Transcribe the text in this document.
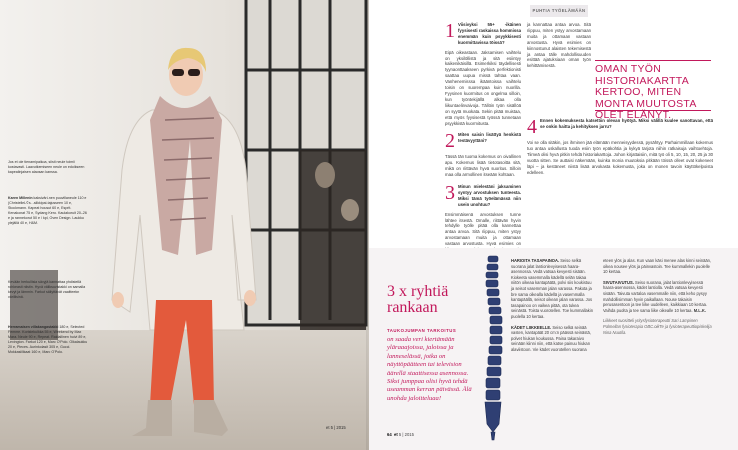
Jos et ole tienamipaikoa, siisti neule toimii kostavasti. Laavutkemiseen neule on edoikseen kapealinjaisen alaosan kanssa.
Karen Millenin kaksiväri-nen puuvillaneule 110 e (ChristelleL©s. ‐silkkipai-tajusseen 10 e, Stockmann. Kapeat housut 60 e, Esprit. Kenakonat 75 e, Sydang Kero. Kaulakoruit 20–26 e ja rannekorut 50 e / kpl, Oven Design. Laukku ylejällä 40 e, H&M.
Kevään herkullisia sävyjä kannattaa yhdistellä rohkeasti niistin. Hyvä väliksuvistakki on samalla kevyt ja lämmin. Farkut säilyttävät vaaltteekn värillisinä.
Herramaisen villakangastakki 180 e, Selected Femme. Koristekulkka 55 e, Weekend by Max Mara. Neule 90 e, Repeat. Raidallinen huivi 89 e, Lexington. Farkut 120 e, Marc O'Polo. Olkalaukku 20 e, Pieces. Aurinkolasit 305 e, Gucci. Mokkasiilikaat 160 e, Marc O'Polo.
et 5 | 2015
PUHTIA TYÖELÄMÄÄN
1 Viisivyksi 55+ -ikäinen fyysisesti raskaissa hommissa enemmän kuin psyykkisesti kuormittavissa töissä?

Eipä oikeastaan. Jaksamisen vaihtelu on yksilöllistä ja sitä esiintyy kaikenikäisillä. Esimerkiksi täydellisesti tyynaonttaakseen pyrkivä perfektionisti saattaa uupua missä tahtaa vaan. Vanhenemisssa ikääntoissa vaihtelu toisin on suorempaa kuin nuorilla. Fyysinen kuormitus on ongelma silloin, kun työntekijällä alkaa olla liikuntaelinvaivoja. Tällöin työn sisällöä on syytä muokata. Sekin pitää muistaa, että myös fyysisestä työssä tunnetaan psyykkistä kuormitusta.

2 Miten saisin lisättyä henkistä testävyyttäni?

Tässä tän tuoma kokemus on oivallinen apu. Kokemus lisää tietotasoitta sitä, mikä on riittävän hyvä suoritus. Silloin maa olla armollinen itseään kohtaan.

3 Minun mielestäni jaksaminen syntyy arvostuksen tunteesta. Miksi tämä työelämässä niin usein unohtuu?

Ensimmäisenä arvostuksen tunne lähtee itsestä. Omalle, riittävän hyvin tehdylle työlle pitää olla kannettaa antaa arvoa. Sitä riippuu, miten ystyy arvostamaan muita ja ottamaan vastaan arvostusta. Hyvä esimies on

ja kannattaa antaa arvoa. Sitä riippuu, miten ystyy arvostamaan muita ja ottamaan vastaan arvostusta. Hyvä esimies on kiinnostunut alaisten tekemisestä ja antaa tälle mahdollisuuden esittää ajatuksiaan oman työn kehittämisestä.	OMAN TYÖN HISTORIAKARTTA KERTOO, MITEN MONTA MUUTOSTA OLET ELÄNYT.
4 Ennen kokemuksesta katsettiin olevan hyötyä. Miksi välillä kuulee sanottavan, että se onkin haitta ja kehityksen jarru?

Voi se olla sitäkin, jos ihminen jää elämään menneisyydessä, pysähtyy. Parhaimmillaan kokemus tuo antaa uskallusta tuoda esiin työn epäkohtia ja kykyä tarjota niihin ratkaisuja vaihtoehtoja. Tiimeä olisi hyvä pitkin tehdä historiakarttoja. Johon kirjattaisiin, mitä työ oli 5, 10, 15, 20, 25 ja 30 vuotta sitten. Se auttaisi näkemään, kuinka monia muutoksia pitkään töissä olleet ovat kokeneet läpi – ja kestäneet niistä lisää arvokasta kokemusta, joka on monen tavoin käyttökelpoista edelleen.

3 x ryhtiä
rankaan
TAUKOJUMPAN TARKOITUS
on saada veri kiertämään yläraaajoissa, jaloissa ja lanneselässä, jotka on näyttöpäätteen tai television äärellä staattisessa asennossa. Siksi jumppaa olisi hyvä tehdä useamman kerran päivässä. Älä unohda jaloitteluaa!

HARIOITA TASAPAINOA. Seiso selkä suorana jalat lantionlevyisessä haara-asennossa. Vedä vatsaa kevyesti sisään. Kiokeeta vasemmalla kädellä selän takaa niitön oikeaa kantapäätä, polvi siis koukistuu ja seisot vasemman jalan varassa. Pakota ja bre sama oikealla kädellä ja vasemmalla kantapäällä, seisot oikean jalan varassa. Jos tasapainoo on vaikea pitää, ota tukea seinästä. Toista vuorotellen. Toe kummallakin puolella 10 kertaa.

KÄDET LIIKKEELLE. Seiso selkä seinää vasten, kantapäät 20 cm:n päässä seinästä, polvet hiukan koukussa. Paina takaraivo seinään kiinni niin, että katse painuu hiukan alaviistoon. Vie kädet vuorotellen suorana

eteen ylös ja alas. Kun vaan käsi menee alas kinni seinään, oikea nousee ylös ja päinvastoin. Tee kummallekin puolelle 10 kertaa.

SIVUTAIVUTUS. Seiso suorana, jalat lantionlevyisessä haara-asennossa, kädet lantiolla. Vedä vatsaa kevyesti sisään. Taivuta vartaloa vasemmalle niin, että keho pysyy mahdollisimman hyvin paikallaan. Nouse takaisin perusasentoon ja tee liike uudelleen, kaikkiaan 10 kertaa. Vaihda puolta ja tee sama liike oikealle 10 kertaa. M.L.K.

Liikkeet suositteli yritysfysioterapeutti Sari Lampinen Palmellan fysioterapia OBC.oikTe ja fysioterapeuttiopiskelija Nina Nuutila.

64 et 5 | 2015
